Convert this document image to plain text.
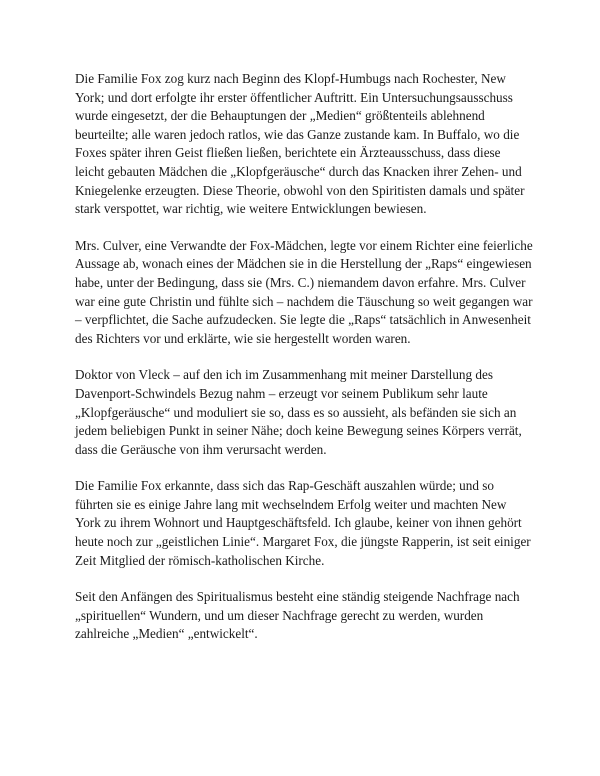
Die Familie Fox zog kurz nach Beginn des Klopf-Humbugs nach Rochester, New York; und dort erfolgte ihr erster öffentlicher Auftritt. Ein Untersuchungsausschuss wurde eingesetzt, der die Behauptungen der „Medien“ größtenteils ablehnend beurteilte; alle waren jedoch ratlos, wie das Ganze zustande kam. In Buffalo, wo die Foxes später ihren Geist fließen ließen, berichtete ein Ärzteausschuss, dass diese leicht gebauten Mädchen die „Klopfgeräusche“ durch das Knacken ihrer Zehen- und Kniegelenke erzeugten. Diese Theorie, obwohl von den Spiritisten damals und später stark verspottet, war richtig, wie weitere Entwicklungen bewiesen.

Mrs. Culver, eine Verwandte der Fox-Mädchen, legte vor einem Richter eine feierliche Aussage ab, wonach eines der Mädchen sie in die Herstellung der „Raps“ eingewiesen habe, unter der Bedingung, dass sie (Mrs. C.) niemandem davon erfahre. Mrs. Culver war eine gute Christin und fühlte sich – nachdem die Täuschung so weit gegangen war – verpflichtet, die Sache aufzudecken. Sie legte die „Raps“ tatsächlich in Anwesenheit des Richters vor und erklärte, wie sie hergestellt worden waren.

Doktor von Vleck – auf den ich im Zusammenhang mit meiner Darstellung des Davenport-Schwindels Bezug nahm – erzeugt vor seinem Publikum sehr laute „Klopfgeräusche“ und moduliert sie so, dass es so aussieht, als befänden sie sich an jedem beliebigen Punkt in seiner Nähe; doch keine Bewegung seines Körpers verrät, dass die Geräusche von ihm verursacht werden.

Die Familie Fox erkannte, dass sich das Rap-Geschäft auszahlen würde; und so führten sie es einige Jahre lang mit wechselndem Erfolg weiter und machten New York zu ihrem Wohnort und Hauptgeschäftsfeld. Ich glaube, keiner von ihnen gehört heute noch zur „geistlichen Linie“. Margaret Fox, die jüngste Rapperin, ist seit einiger Zeit Mitglied der römisch-katholischen Kirche.

Seit den Anfängen des Spiritualismus besteht eine ständig steigende Nachfrage nach „spirituellen“ Wundern, und um dieser Nachfrage gerecht zu werden, wurden zahlreiche „Medien“ „entwickelt“.
